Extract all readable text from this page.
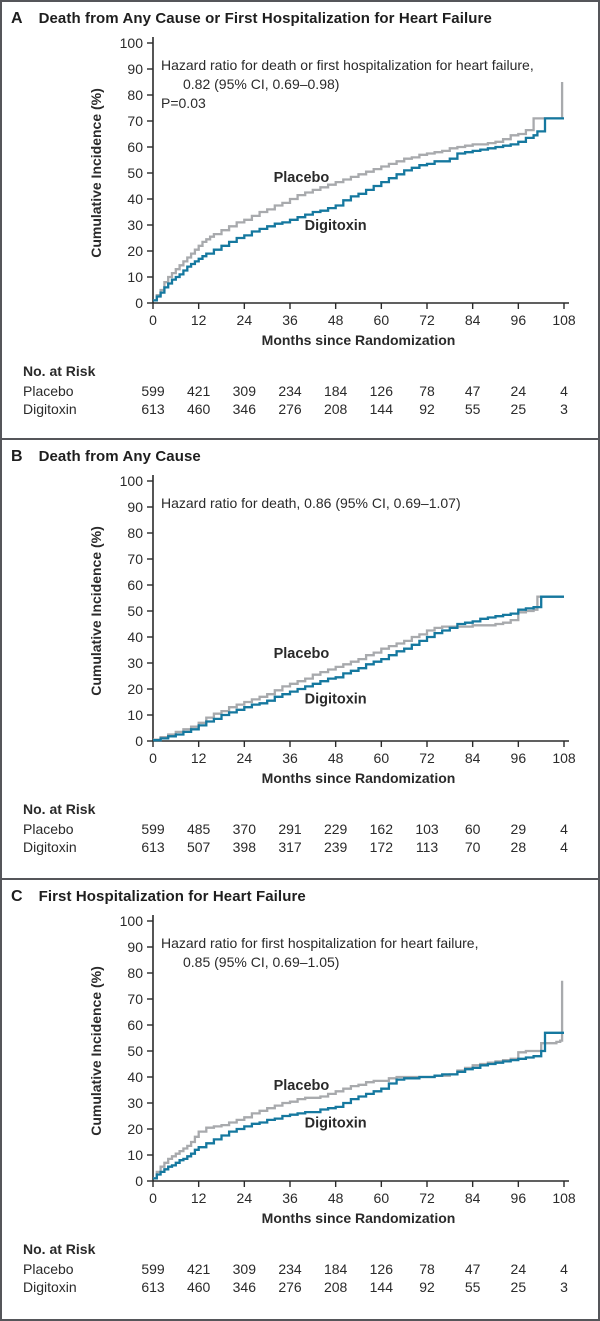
A Death from Any Cause or First Hospitalization for Heart Failure
0
10
20
30
40
50
60
70
80
90
100
0 12 24 36 48 60 72 84 96 108
Cumulative Incidence (%)
Months since Randomization
Hazard ratio for death or first hospitalization for heart failure,
0.82 (95% CI, 0.69–0.98)
P=0.03
Placebo
Digitoxin
No. at Risk
Placebo	599 421 309 234 184 126 78 47 24 4
Digitoxin	613 460 346 276 208 144 92 55 25 3
B Death from Any Cause
0
10
20
30
40
50
60
70
80
90
100
0 12 24 36 48 60 72 84 96 108
Cumulative Incidence (%)
Months since Randomization
Hazard ratio for death, 0.86 (95% CI, 0.69–1.07)
Placebo
Digitoxin
No. at Risk
Placebo	599 485 370 291 229 162 103 60 29 4
Digitoxin	613 507 398 317 239 172 113 70 28 4
C First Hospitalization for Heart Failure
0
10
20
30
40
50
60
70
80
90
100
0 12 24 36 48 60 72 84 96 108
Cumulative Incidence (%)
Months since Randomization
Hazard ratio for first hospitalization for heart failure,
0.85 (95% CI, 0.69–1.05)
Placebo
Digitoxin
No. at Risk
Placebo	599 421 309 234 184 126 78 47 24 4
Digitoxin	613 460 346 276 208 144 92 55 25 3
